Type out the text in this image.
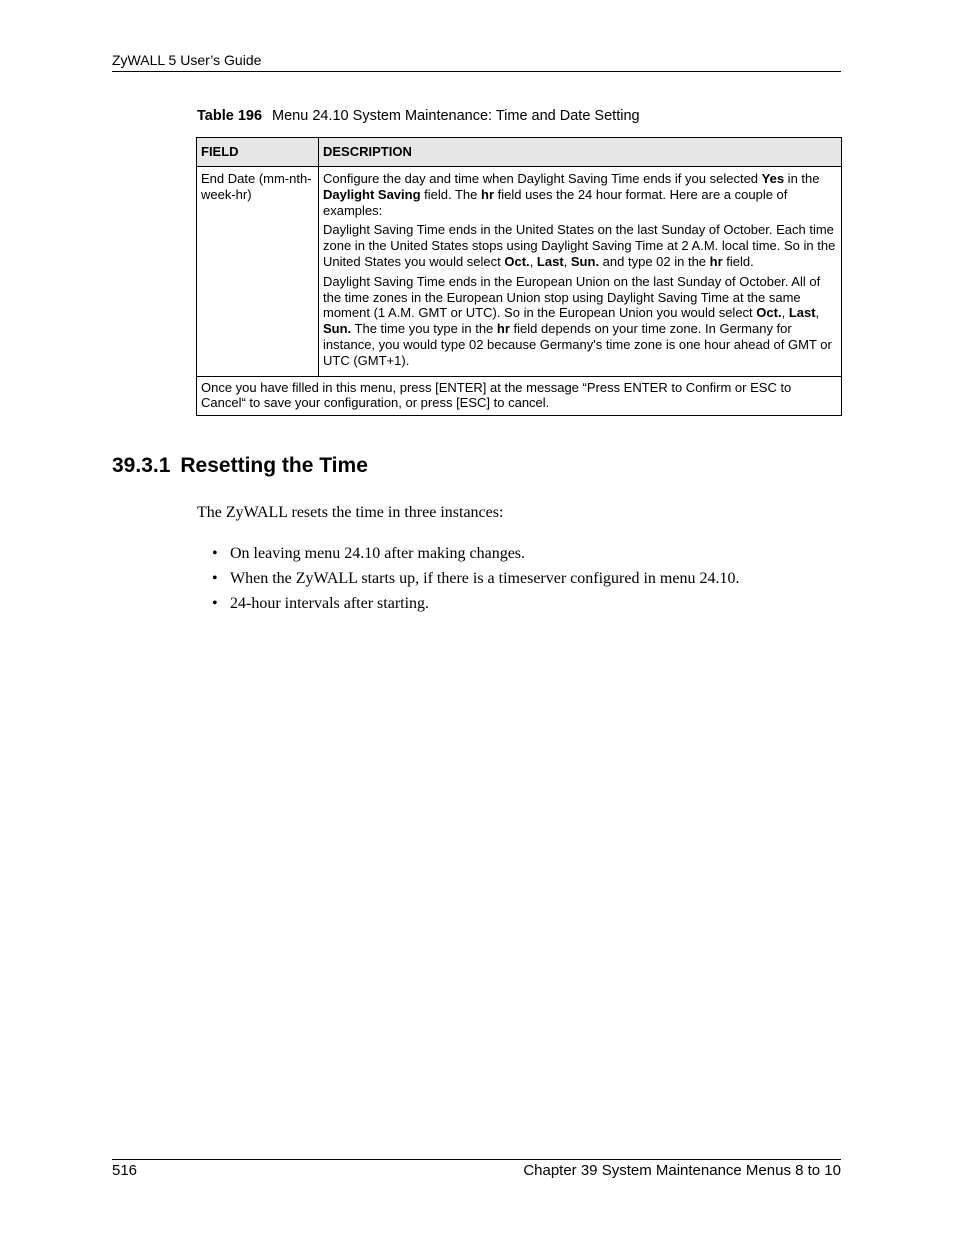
ZyWALL 5 User’s Guide
Table 196 Menu 24.10 System Maintenance: Time and Date Setting
FIELD	DESCRIPTION
End Date (mm-nth-week-hr)	Configure the day and time when Daylight Saving Time ends if you selected Yes in the Daylight Saving field. The hr field uses the 24 hour format. Here are a couple of examples:

Daylight Saving Time ends in the United States on the last Sunday of October. Each time zone in the United States stops using Daylight Saving Time at 2 A.M. local time. So in the United States you would select Oct., Last, Sun. and type 02 in the hr field.

Daylight Saving Time ends in the European Union on the last Sunday of October. All of the time zones in the European Union stop using Daylight Saving Time at the same moment (1 A.M. GMT or UTC). So in the European Union you would select Oct., Last, Sun. The time you type in the hr field depends on your time zone. In Germany for instance, you would type 02 because Germany's time zone is one hour ahead of GMT or UTC (GMT+1).

Once you have filled in this menu, press [ENTER] at the message “Press ENTER to Confirm or ESC to Cancel“ to save your configuration, or press [ESC] to cancel.	
39.3.1 Resetting the Time
The ZyWALL resets the time in three instances:
• On leaving menu 24.10 after making changes.
• When the ZyWALL starts up, if there is a timeserver configured in menu 24.10.
• 24-hour intervals after starting.
516	Chapter 39 System Maintenance Menus 8 to 10
